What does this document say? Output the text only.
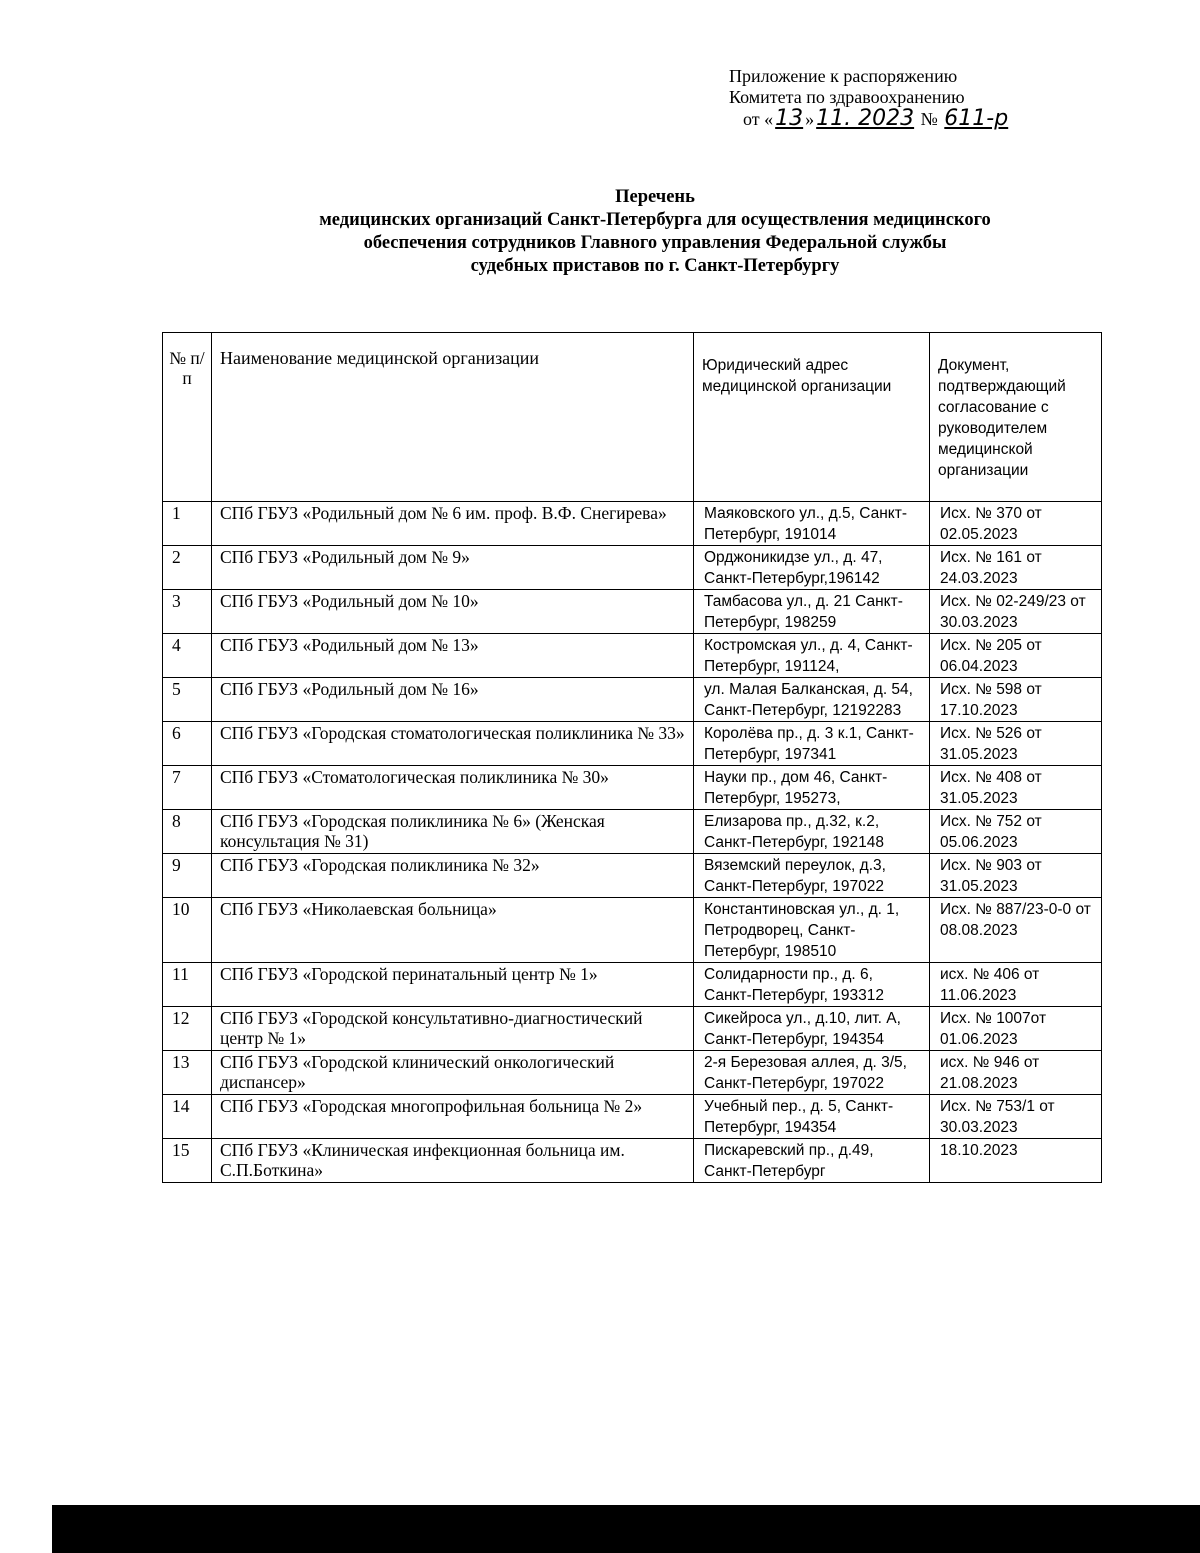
Приложение к распоряжению
Комитета по здравоохранению
от «13 »11. 2023 № 611-р
Перечень
медицинских организаций Санкт-Петербурга для осуществления медицинского
обеспечения сотрудников Главного управления Федеральной службы
судебных приставов по г. Санкт-Петербургу
№ п/п	Наименование медицинской организации	Юридический адрес медицинской организации	Документ, подтверждающий согласование с руководителем медицинской организации
1	СПб ГБУЗ «Родильный дом № 6 им. проф. В.Ф. Снегирева»	Маяковского ул., д.5, Санкт-Петербург, 191014	Исх. № 370 от 02.05.2023
2	СПб ГБУЗ «Родильный дом № 9»	Орджоникидзе ул., д. 47, Санкт-Петербург,196142	Исх. № 161 от 24.03.2023
3	СПб ГБУЗ «Родильный дом № 10»	Тамбасова ул., д. 21 Санкт-Петербург, 198259	Исх. № 02-249/23 от 30.03.2023
4	СПб ГБУЗ «Родильный дом № 13»	Костромская ул., д. 4, Санкт-Петербург, 191124,	Исх. № 205 от 06.04.2023
5	СПб ГБУЗ «Родильный дом № 16»	ул. Малая Балканская, д. 54, Санкт-Петербург, 12192283	Исх. № 598 от 17.10.2023
6	СПб ГБУЗ «Городская стоматологическая поликлиника № 33»	Королёва пр., д. 3 к.1, Санкт-Петербург, 197341	Исх. № 526 от 31.05.2023
7	СПб ГБУЗ «Стоматологическая поликлиника № 30»	Науки пр., дом 46, Санкт-Петербург, 195273,	Исх. № 408 от 31.05.2023
8	СПб ГБУЗ «Городская поликлиника № 6» (Женская консультация № 31)	Елизарова пр., д.32, к.2, Санкт-Петербург, 192148	Исх. № 752 от 05.06.2023
9	СПб ГБУЗ «Городская поликлиника № 32»	Вяземский переулок, д.3, Санкт-Петербург, 197022	Исх. № 903 от 31.05.2023
10	СПб ГБУЗ «Николаевская больница»	Константиновская ул., д. 1, Петродворец, Санкт-Петербург, 198510	Исх. № 887/23-0-0 от 08.08.2023
11	СПб ГБУЗ «Городской перинатальный центр № 1»	Солидарности пр., д. 6, Санкт-Петербург, 193312	исх. № 406 от 11.06.2023
12	СПб ГБУЗ «Городской консультативно-диагностический центр № 1»	Сикейроса ул., д.10, лит. А, Санкт-Петербург, 194354	Исх. № 1007от 01.06.2023
13	СПб ГБУЗ «Городской клинический онкологический диспансер»	2-я Березовая аллея, д. 3/5, Санкт-Петербург, 197022	исх. № 946 от 21.08.2023
14	СПб ГБУЗ «Городская многопрофильная больница № 2»	Учебный пер., д. 5, Санкт-Петербург, 194354	Исх. № 753/1 от 30.03.2023
15	СПб ГБУЗ «Клиническая инфекционная больница им. С.П.Боткина»	Пискаревский пр., д.49, Санкт-Петербург	18.10.2023
